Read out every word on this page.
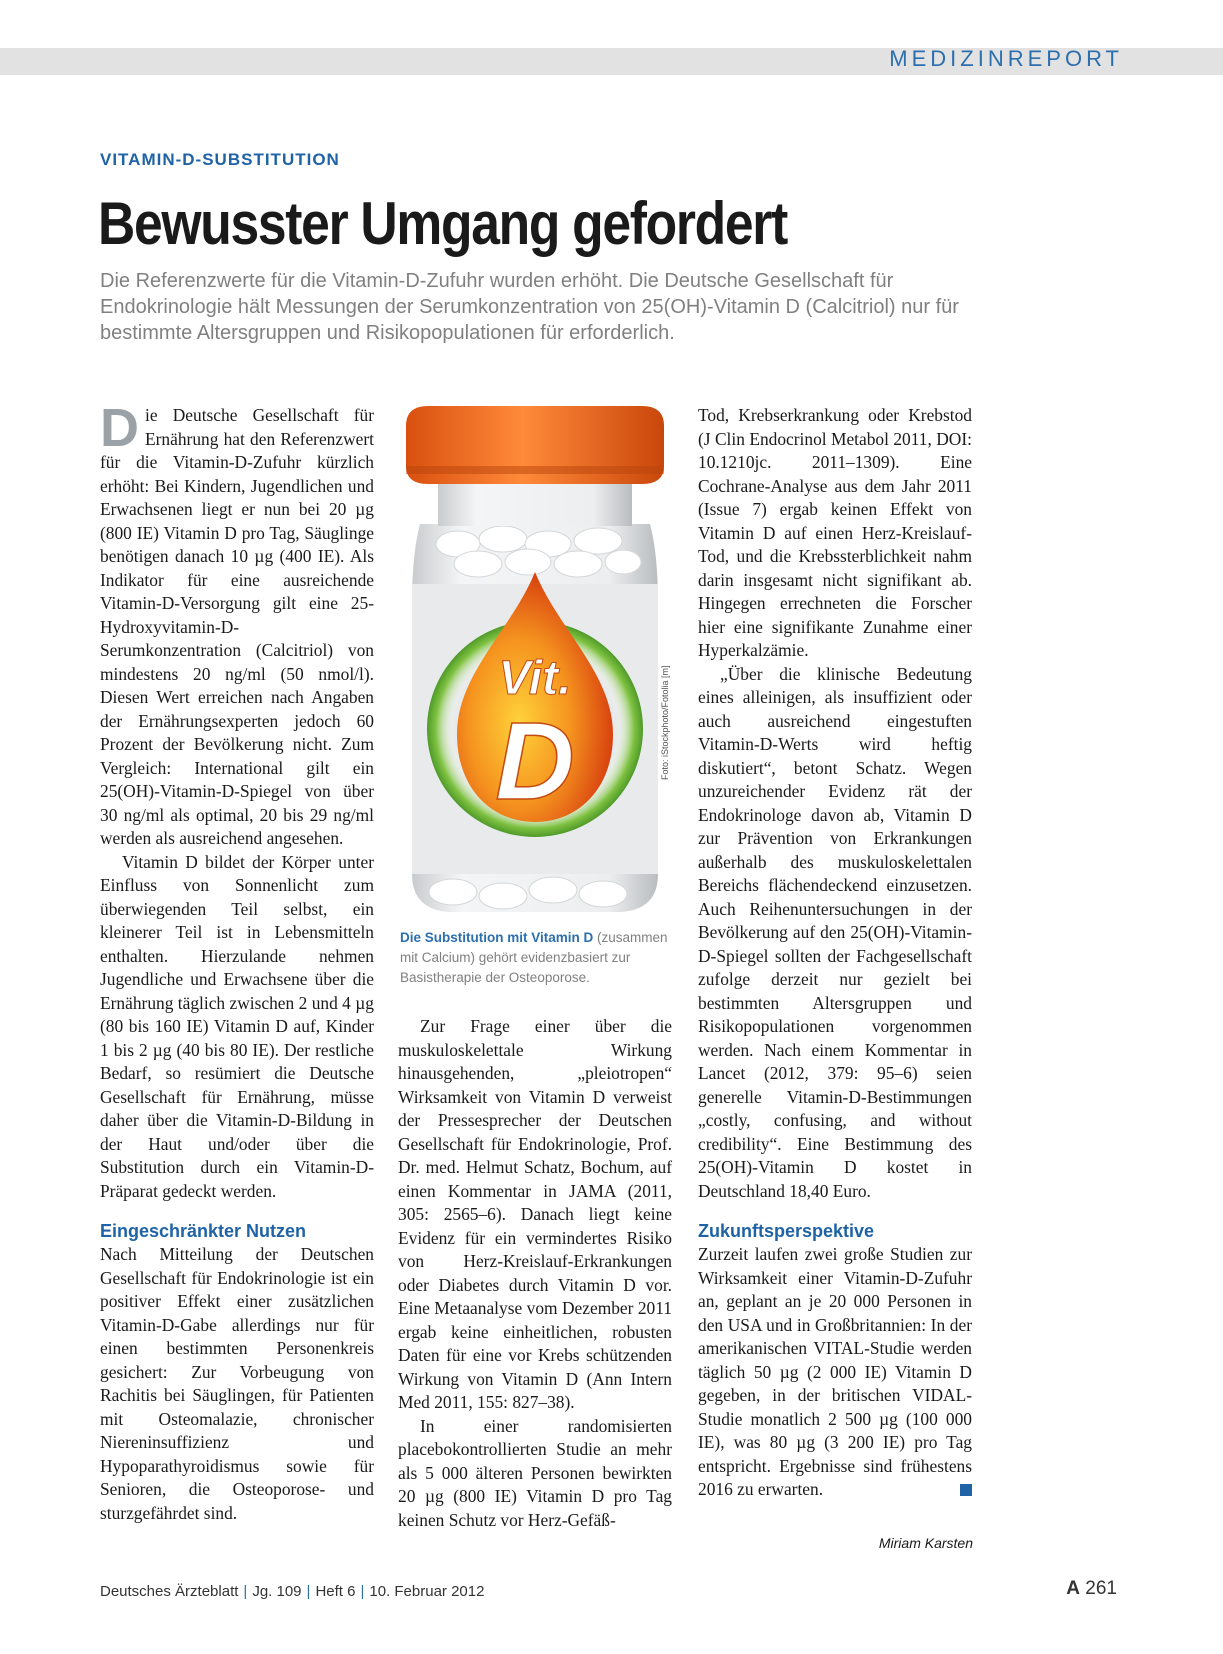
MEDIZINREPORT
VITAMIN-D-SUBSTITUTION
Bewusster Umgang gefordert
Die Referenzwerte für die Vitamin-D-Zufuhr wurden erhöht. Die Deutsche Gesellschaft für Endokrinologie hält Messungen der Serumkonzentration von 25(OH)-Vitamin D (Calcitriol) nur für bestimmte Altersgruppen und Risikopopulationen für erforderlich.

Die Deutsche Gesellschaft für Ernährung hat den Referenzwert für die Vitamin-D-Zufuhr kürzlich erhöht: Bei Kindern, Jugendlichen und Erwachsenen liegt er nun bei 20 µg (800 IE) Vitamin D pro Tag, Säuglinge benötigen danach 10 µg (400 IE). Als Indikator für eine ausreichende Vitamin-D-Versorgung gilt eine 25-Hydroxyvitamin-D-Serumkonzentration (Calcitriol) von mindestens 20 ng/ml (50 nmol/l). Diesen Wert erreichen nach Angaben der Ernährungsexperten jedoch 60 Prozent der Bevölkerung nicht. Zum Vergleich: International gilt ein 25(OH)-Vitamin-D-Spiegel von über 30 ng/ml als optimal, 20 bis 29 ng/ml werden als ausreichend angesehen.

Vitamin D bildet der Körper unter Einfluss von Sonnenlicht zum überwiegenden Teil selbst, ein kleinerer Teil ist in Lebensmitteln enthalten. Hierzulande nehmen Jugendliche und Erwachsene über die Ernährung täglich zwischen 2 und 4 µg (80 bis 160 IE) Vitamin D auf, Kinder 1 bis 2 µg (40 bis 80 IE). Der restliche Bedarf, so resümiert die Deutsche Gesellschaft für Ernährung, müsse daher über die Vitamin-D-Bildung in der Haut und/oder über die Substitution durch ein Vitamin-D-Präparat gedeckt werden.

Eingeschränkter Nutzen

Nach Mitteilung der Deutschen Gesellschaft für Endokrinologie ist ein positiver Effekt einer zusätzlichen Vitamin-D-Gabe allerdings nur für einen bestimmten Personenkreis gesichert: Zur Vorbeugung von Rachitis bei Säuglingen, für Patienten mit Osteomalazie, chronischer Niereninsuffizienz und Hypoparathyroidismus sowie für Senioren, die Osteoporose- und sturzgefährdet sind.

Vit.
D	Foto: iStockphoto/Fotolia [m]
Die Substitution mit Vitamin D (zusammen mit Calcium) gehört evidenzbasiert zur Basistherapie der Osteoporose.

Zur Frage einer über die muskuloskelettale Wirkung hinausgehenden, „pleiotropen“ Wirksamkeit von Vitamin D verweist der Pressesprecher der Deutschen Gesellschaft für Endokrinologie, Prof. Dr. med. Helmut Schatz, Bochum, auf einen Kommentar in JAMA (2011, 305: 2565–6). Danach liegt keine Evidenz für ein vermindertes Risiko von Herz-Kreislauf-Erkrankungen oder Diabetes durch Vitamin D vor. Eine Metaanalyse vom Dezember 2011 ergab keine einheitlichen, robusten Daten für eine vor Krebs schützenden Wirkung von Vitamin D (Ann Intern Med 2011, 155: 827–38).

In einer randomisierten placebokontrollierten Studie an mehr als 5 000 älteren Personen bewirkten 20 µg (800 IE) Vitamin D pro Tag keinen Schutz vor Herz-Gefäß-

Tod, Krebserkrankung oder Krebstod (J Clin Endocrinol Metabol 2011, DOI: 10.1210jc. 2011–1309). Eine Cochrane-Analyse aus dem Jahr 2011 (Issue 7) ergab keinen Effekt von Vitamin D auf einen Herz-Kreislauf-Tod, und die Krebssterblichkeit nahm darin insgesamt nicht signifikant ab. Hingegen errechneten die Forscher hier eine signifikante Zunahme einer Hyperkalzämie.

„Über die klinische Bedeutung eines alleinigen, als insuffizient oder auch ausreichend eingestuften Vitamin-D-Werts wird heftig diskutiert“, betont Schatz. Wegen unzureichender Evidenz rät der Endokrinologe davon ab, Vitamin D zur Prävention von Erkrankungen außerhalb des muskuloskelettalen Bereichs flächendeckend einzusetzen. Auch Reihenuntersuchungen in der Bevölkerung auf den 25(OH)-Vitamin-D-Spiegel sollten der Fachgesellschaft zufolge derzeit nur gezielt bei bestimmten Altersgruppen und Risikopopulationen vorgenommen werden. Nach einem Kommentar in Lancet (2012, 379: 95–6) seien generelle Vitamin-D-Bestimmungen „costly, confusing, and without credibility“. Eine Bestimmung des 25(OH)-Vitamin D kostet in Deutschland 18,40 Euro.

Zukunftsperspektive

Zurzeit laufen zwei große Studien zur Wirksamkeit einer Vitamin-D-Zufuhr an, geplant an je 20 000 Personen in den USA und in Großbritannien: In der amerikanischen VITAL-Studie werden täglich 50 µg (2 000 IE) Vitamin D gegeben, in der britischen VIDAL-Studie monatlich 2 500 µg (100 000 IE), was 80 µg (3 200 IE) pro Tag entspricht. Ergebnisse sind frühestens 2016 zu erwarten.

Miriam Karsten
Deutsches Ärzteblatt | Jg. 109 | Heft 6 | 10. Februar 2012	A 261
